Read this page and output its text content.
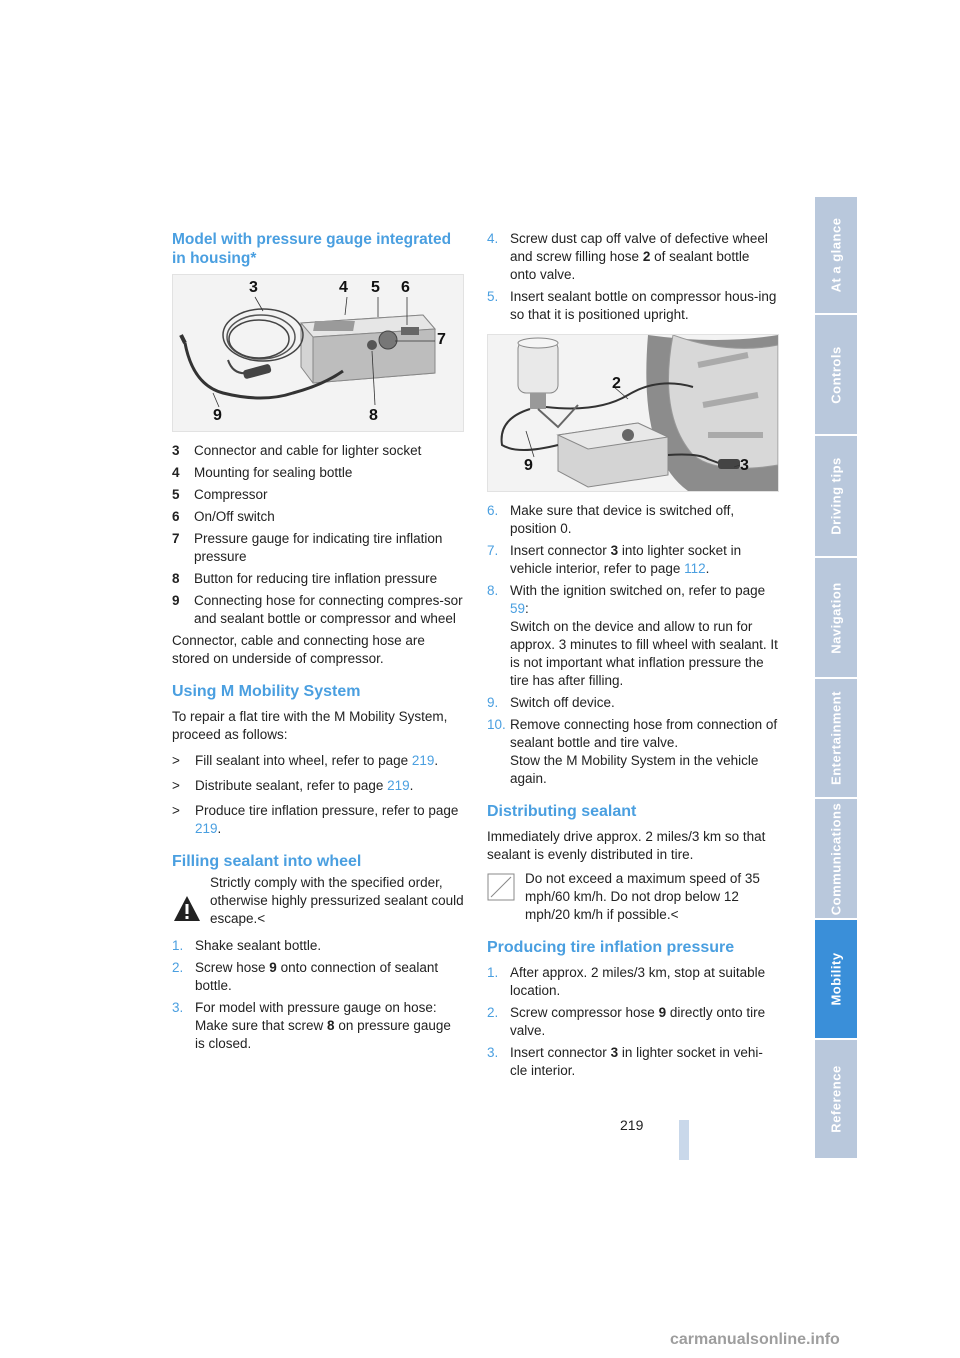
At a glance
Controls
Driving tips
Navigation
Entertainment
Communications
Mobility
Reference
Model with pressure gauge integrated in housing*
3	4 5 6
7
8
9
3	Connector and cable for lighter socket
4	Mounting for sealing bottle
5	Compressor
6	On/Off switch
7	Pressure gauge for indicating tire inflation pressure
8	Button for reducing tire inflation pressure
9	Connecting hose for connecting compres-sor and sealant bottle or compressor and wheel
Connector, cable and connecting hose are stored on underside of compressor.
Using M Mobility System
To repair a flat tire with the M Mobility System, proceed as follows:
>	Fill sealant into wheel, refer to page 219.
>	Distribute sealant, refer to page 219.
>	Produce tire inflation pressure, refer to page 219.
Filling sealant into wheel
Strictly comply with the specified order, otherwise highly pressurized sealant could escape.<
1. Shake sealant bottle.
2. Screw hose 9 onto connection of sealant bottle.
3. For model with pressure gauge on hose: Make sure that screw 8 on pressure gauge is closed.
4. Screw dust cap off valve of defective wheel and screw filling hose 2 of sealant bottle onto valve.
5. Insert sealant bottle on compressor hous-ing so that it is positioned upright.
2
9	3
6. Make sure that device is switched off, position 0.
7. Insert connector 3 into lighter socket in vehicle interior, refer to page 112.
8. With the ignition switched on, refer to page 59:
Switch on the device and allow to run for approx. 3 minutes to fill wheel with sealant. It is not important what inflation pressure the tire has after filling.
9. Switch off device.
10. Remove connecting hose from connection of sealant bottle and tire valve.
Stow the M Mobility System in the vehicle again.
Distributing sealant
Immediately drive approx. 2 miles/3 km so that sealant is evenly distributed in tire.
Do not exceed a maximum speed of 35 mph/60 km/h. Do not drop below 12 mph/20 km/h if possible.<
Producing tire inflation pressure
1. After approx. 2 miles/3 km, stop at suitable location.
2. Screw compressor hose 9 directly onto tire valve.
3. Insert connector 3 in lighter socket in vehi-cle interior.
219
carmanualsonline.info
